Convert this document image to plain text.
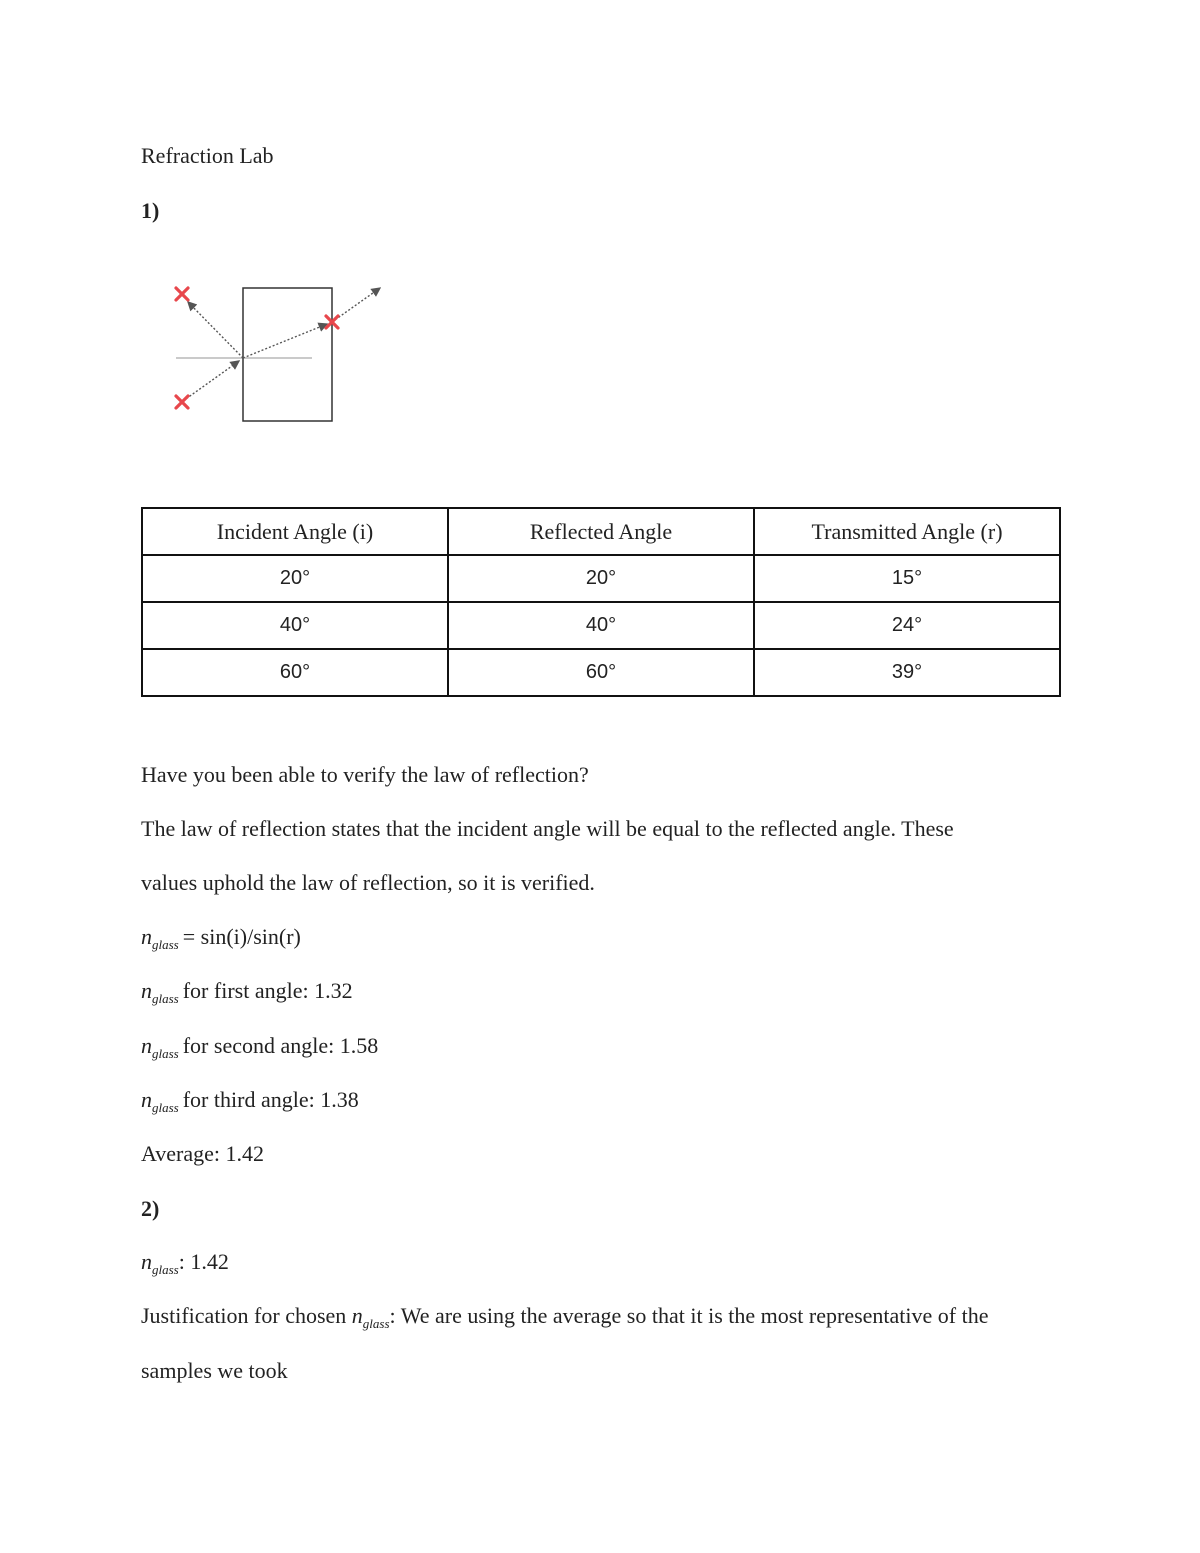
Refraction Lab
1)
Incident Angle (i)	Reflected Angle	Transmitted Angle (r)
20°	20°	15°
40°	40°	24°
60°	60°	39°
Have you been able to verify the law of reflection?
The law of reflection states that the incident angle will be equal to the reflected angle. These
values uphold the law of reflection, so it is verified.
$n_{glass} = \sin(i)/\sin(r)$
$n_{glass}$ for first angle: 1.32
$n_{glass}$ for second angle: 1.58
$n_{glass}$ for third angle: 1.38
Average: 1.42
2)
$n_{glass}$: 1.42
Justification for chosen $n_{glass}$: We are using the average so that it is the most representative of the
samples we took
